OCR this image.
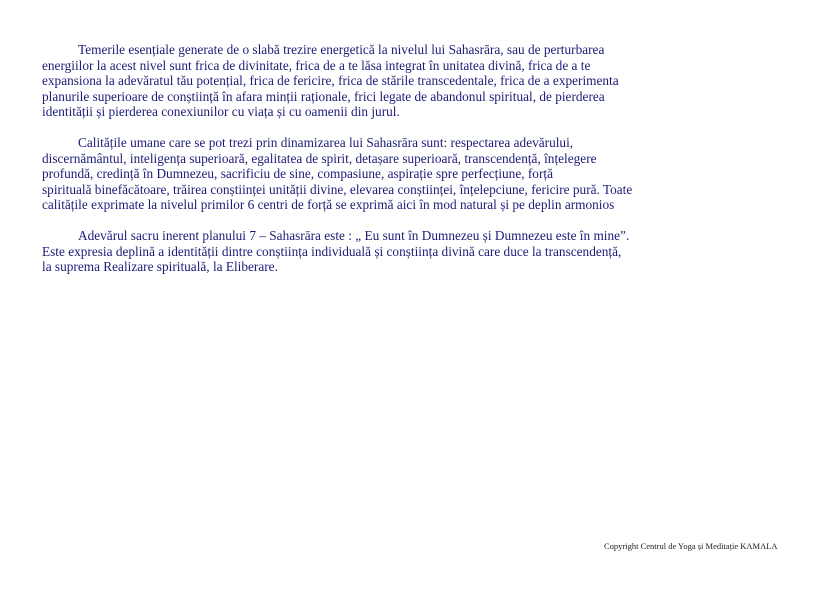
Temerile esențiale generate de o slabă trezire energetică la nivelul lui Sahasrāra, sau de perturbarea
energiilor la acest nivel sunt frica de divinitate, frica de a te lăsa integrat în unitatea divină, frica de a te
expansiona la adevăratul tău potențial, frica de fericire, frica de stările transcedentale, frica de a experimenta
planurile superioare de conștiință în afara minții raționale, frici legate de abandonul spiritual, de pierderea
identității și pierderea conexiunilor cu viața și cu oamenii din jurul.
Calitățile umane care se pot trezi prin dinamizarea lui Sahasrāra sunt: respectarea adevărului,
discernământul, inteligența superioară, egalitatea de spirit, detașare superioară, transcendență, înțelegere
profundă, credință în Dumnezeu, sacrificiu de sine, compasiune, aspirație spre perfecțiune, forță
spirituală binefăcătoare, trăirea conștiinței unității divine, elevarea conștiinței, înțelepciune, fericire pură. Toate
calitățile exprimate la nivelul primilor 6 centri de forță se exprimă aici în mod natural și pe deplin armonios
Adevărul sacru inerent planului 7 – Sahasrāra este : „ Eu sunt în Dumnezeu și Dumnezeu este în mine”.
Este expresia deplină a identității dintre conștiința individuală și conștiința divină care duce la transcendență,
la suprema Realizare spirituală, la Eliberare.
Copyright Centrul de Yoga și Meditație KAMALA
